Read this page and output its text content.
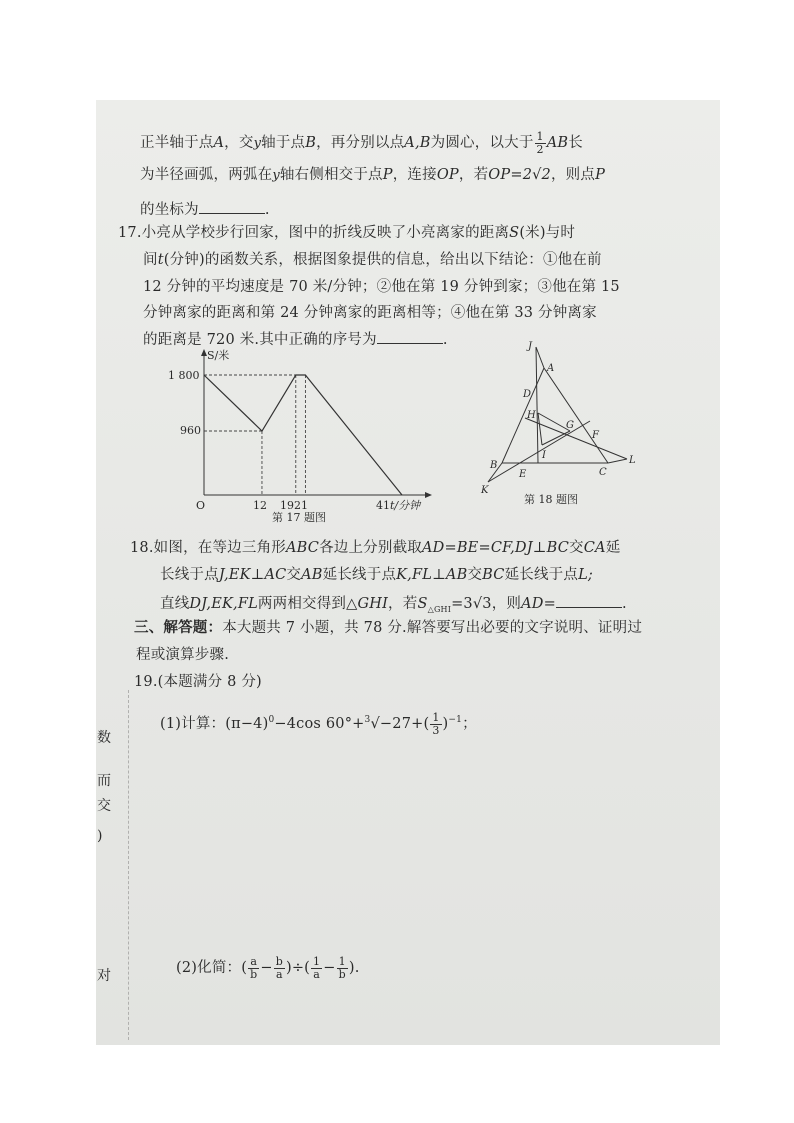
数
而
交
)
对
正半轴于点A，交y轴于点B，再分别以点A,B为圆心，以大于 $\frac{1}{2}$ AB长
为半径画弧，两弧在y轴右侧相交于点P，连接OP，若OP=2√2，则点P
的坐标为	.
17.小亮从学校步行回家，图中的折线反映了小亮离家的距离S(米)与时
间t(分钟)的函数关系，根据图象提供的信息，给出以下结论：①他在前
12 分钟的平均速度是 70 米/分钟；②他在第 19 分钟到家；③他在第 15
分钟离家的距离和第 24 分钟离家的距离相等；④他在第 33 分钟离家
的距离是 720 米.其中正确的序号为	.
S/米
1 800
960
O	12 1921	41 t/分钟
第 17 题图
J
A
D
H
G
F
I
B
E	C
L
K
第 18 题图
18.如图，在等边三角形ABC各边上分别截取AD=BE=CF,DJ⊥BC交CA延
长线于点J,EK⊥AC交AB延长线于点K,FL⊥AB交BC延长线于点L;
直线DJ,EK,FL两两相交得到△GHI，若$S_{\triangle GHI}=3√3$，则AD=	.
三、解答题：本大题共 7 小题，共 78 分.解答要写出必要的文字说明、证明过
程或演算步骤.
19.(本题满分 8 分)
(1)计算：$(\pi-4)^0-4\cos$ $60^\circ+^3√-27+( \frac{1}{3} )^{-1}$；
(2)化简：( $\frac{a}{b} - \frac{b}{a}$ )÷( $\frac{1}{a} - \frac{1}{b}$ ).
